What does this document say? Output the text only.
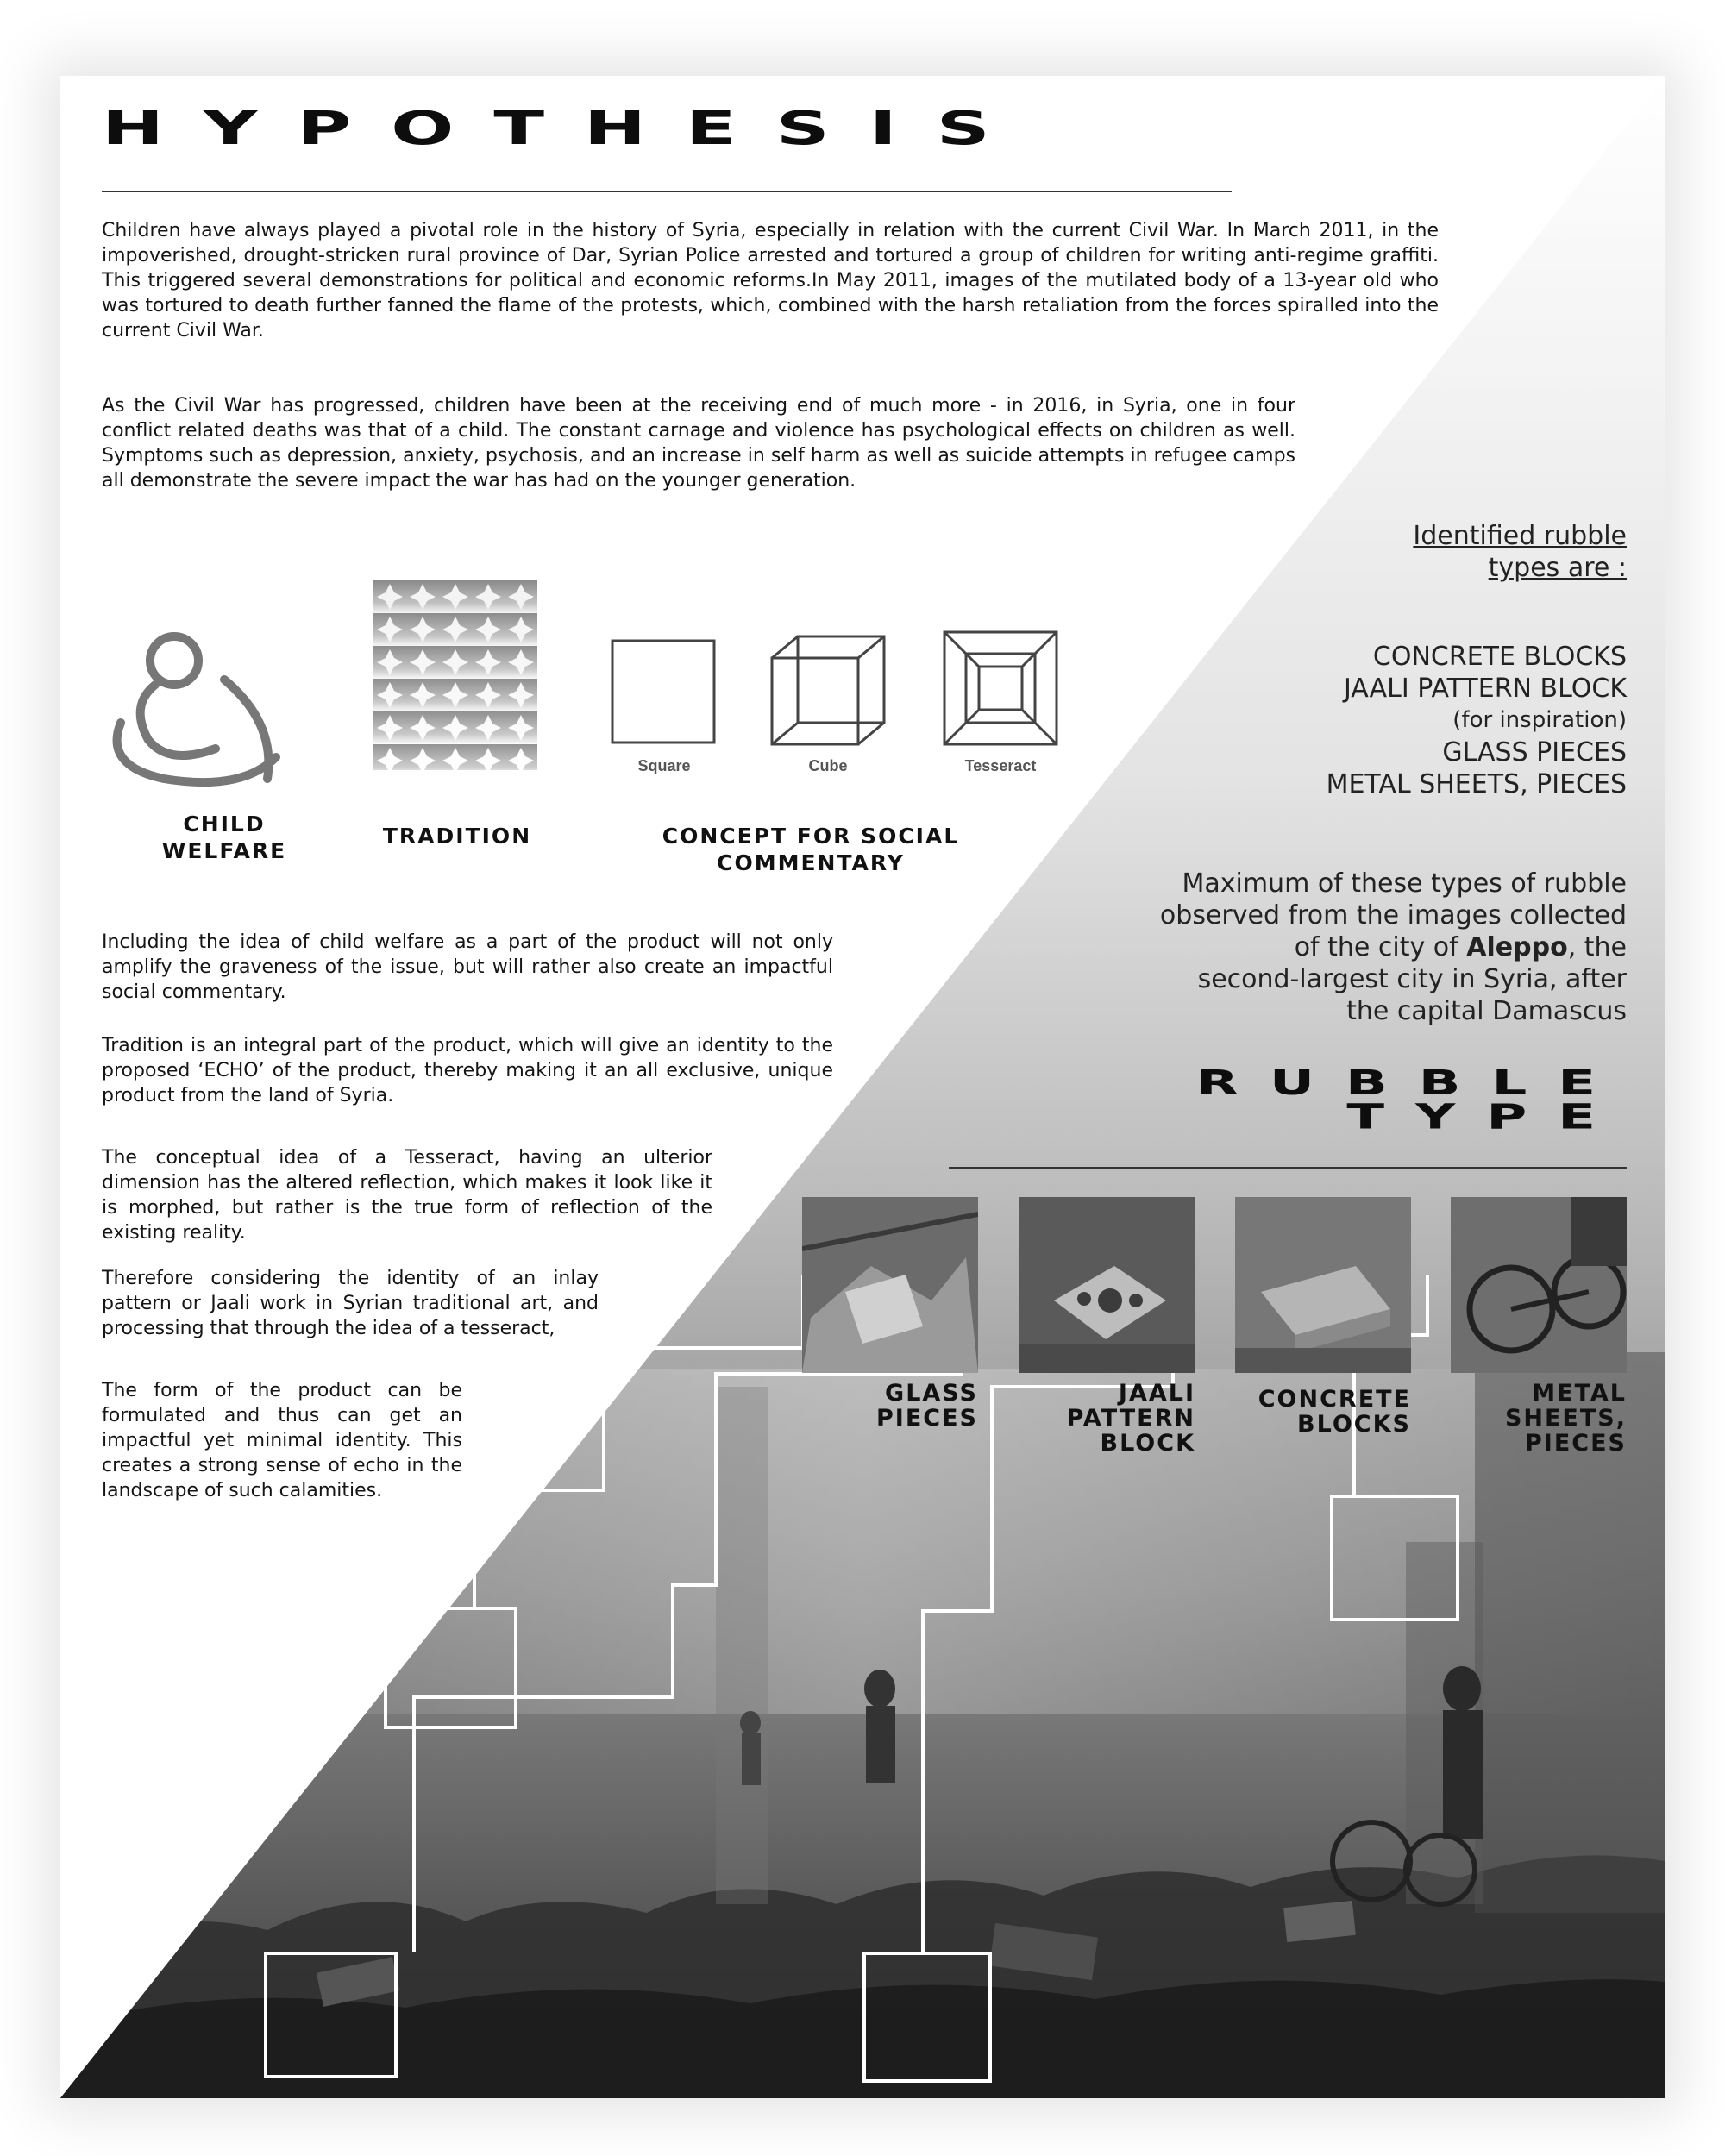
HYPOTHESIS

Children have always played a pivotal role in the history of Syria, especially in relation with the current Civil War. In March 2011, in the impoverished, drought-stricken rural province of Dar, Syrian Police arrested and tortured a group of children for writing anti-regime graffiti. This triggered several demonstrations for political and economic reforms.In May 2011, images of the mutilated body of a 13-year old who was tortured to death further fanned the flame of the protests, which, combined with the harsh retaliation from the forces spiralled into the current Civil War.

As the Civil War has progressed, children have been at the receiving end of much more - in 2016, in Syria, one in four conflict related deaths was that of a child. The constant carnage and violence has psychological effects on children as well. Symptoms such as depression, anxiety, psychosis, and an increase in self harm as well as suicide attempts in refugee camps all demonstrate the severe impact the war has had on the younger generation.

Square	Cube	Tesseract
CHILD WELFARE
TRADITION	CONCEPT FOR SOCIAL COMMENTARY

Including the idea of child welfare as a part of the product will not only amplify the graveness of the issue, but will rather also create an impactful social commentary.

Tradition is an integral part of the product, which will give an identity to the proposed ‘ECHO’ of the product, thereby making it an all exclusive, unique product from the land of Syria.

The conceptual idea of a Tesseract, having an ulterior dimension has the altered reflection, which makes it look like it is morphed, but rather is the true form of reflection of the existing reality.

Therefore considering the identity of an inlay pattern or Jaali work in Syrian traditional art, and processing that through the idea of a tesseract,

The form of the product can be formulated and thus can get an impactful yet minimal identity. This creates a strong sense of echo in the landscape of such calamities.

Identified rubble
types are :
CONCRETE BLOCKS
JAALI PATTERN BLOCK
(for inspiration)
GLASS PIECES
METAL SHEETS, PIECES
Maximum of these types of rubble
observed from the images collected
of the city of Aleppo, the
second-largest city in Syria, after
the capital Damascus
RUBBLE
TYPE
GLASS
PIECES
JAALI
PATTERN
BLOCK
CONCRETE
BLOCKS
METAL
SHEETS,
PIECES
